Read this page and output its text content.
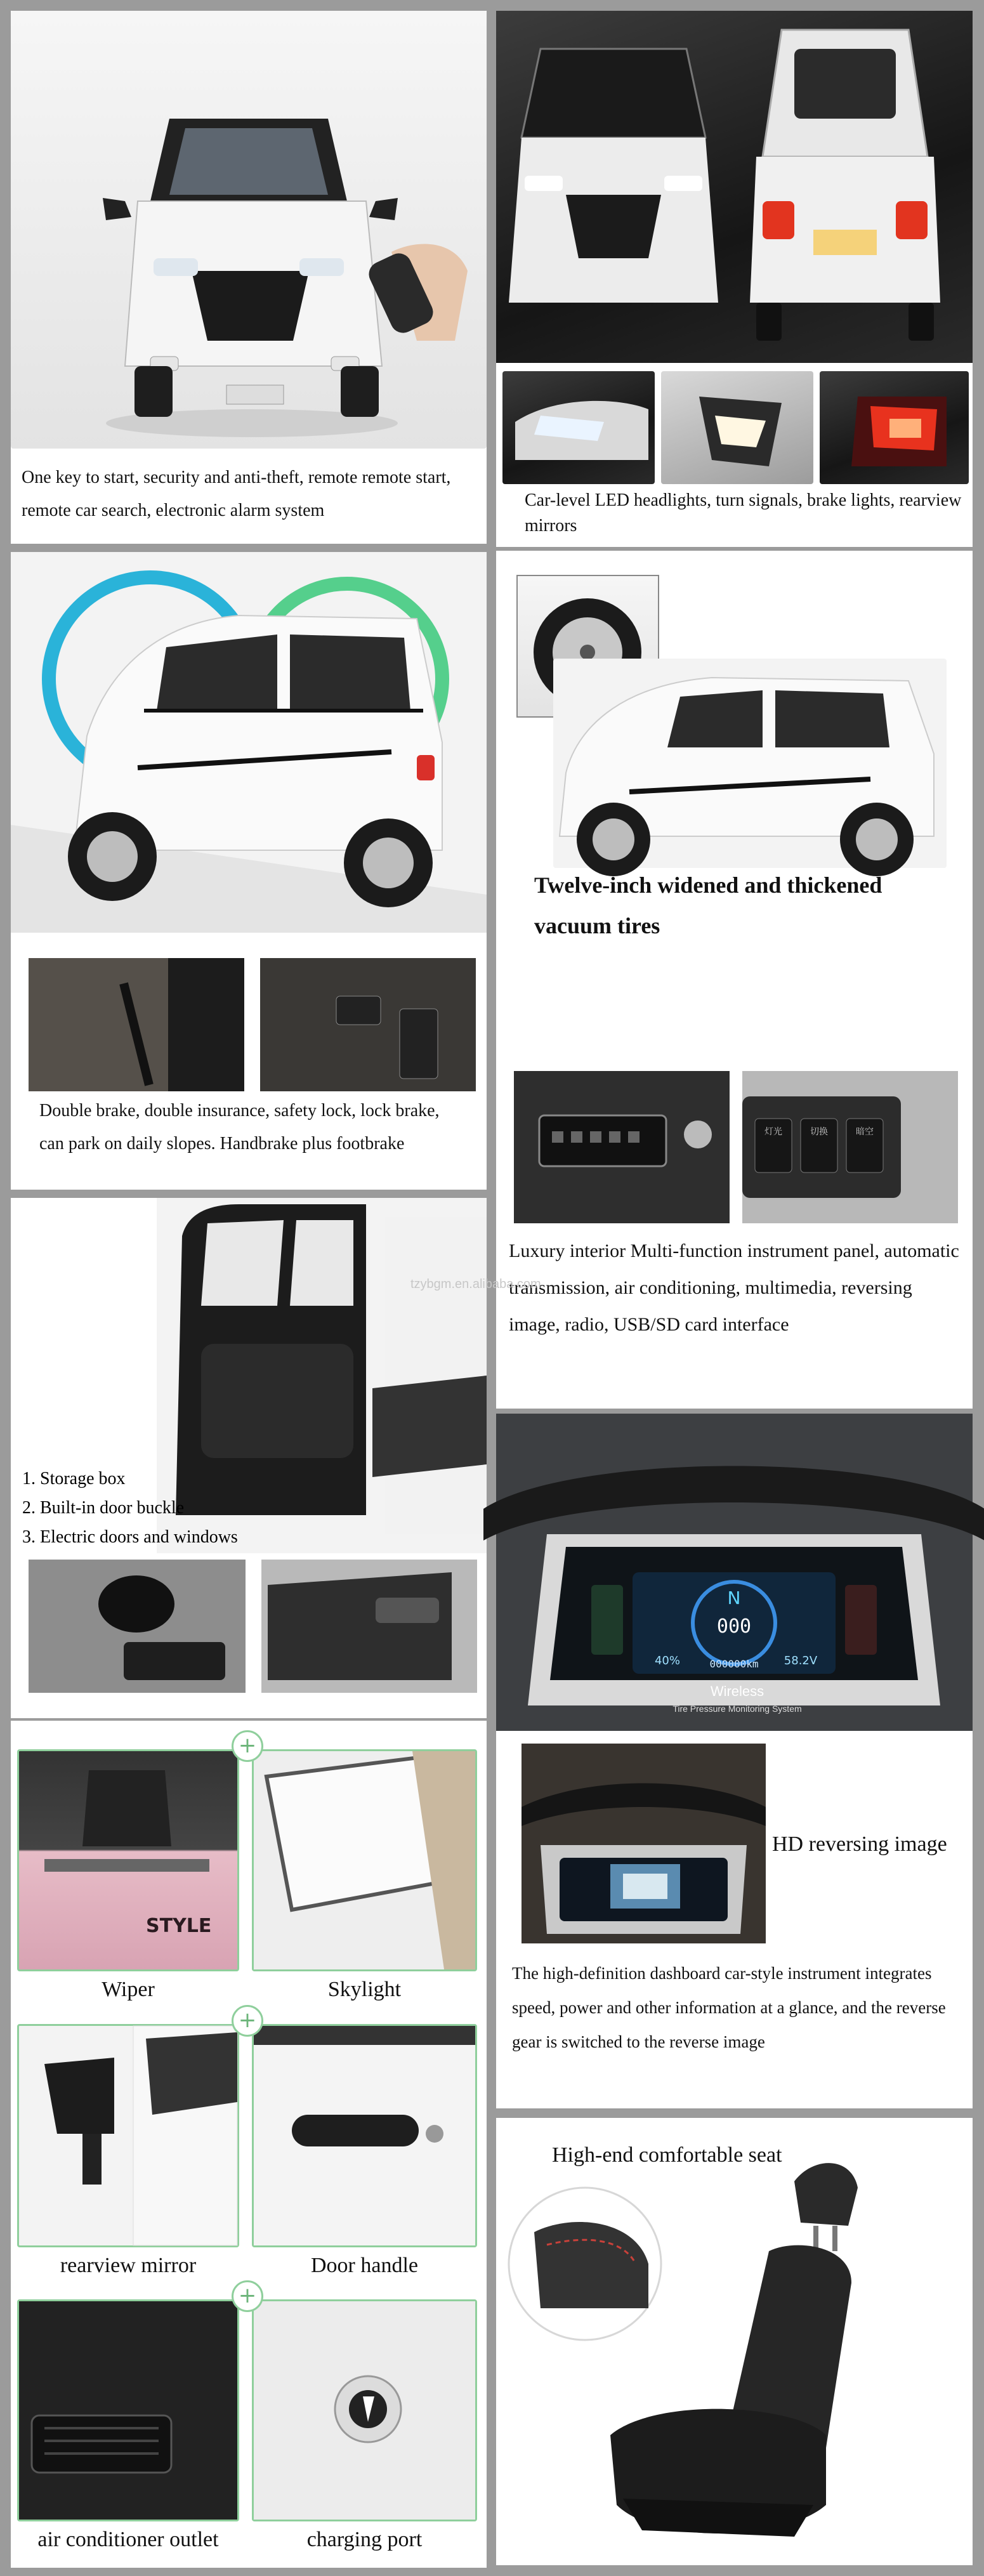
One key to start, security and anti-theft, remote remote start, remote car search, electronic alarm system

Car-level LED headlights, turn signals, brake lights, rearview mirrors

Double brake, double insurance, safety lock, lock brake, can park on daily slopes. Handbrake plus footbrake

Twelve-inch widened and thickened vacuum tires

灯光	切换	暗空

Luxury interior Multi-function instrument panel, automatic transmission, air conditioning, multimedia, reversing image, radio, USB/SD card interface

tzybgm.en.alibaba.com
1. Storage box
2. Built-in door buckle
3. Electric doors and windows
N
000
40%	000000km 58.2V
Wireless
Tire Pressure Monitoring System
STYLE
+
Wiper	Skylight
+
rearview mirror	Door handle
+
air conditioner outlet	charging port
HD reversing image

The high-definition dashboard car-style instrument integrates speed, power and other information at a glance, and the reverse gear is switched to the reverse image

High-end comfortable seat
